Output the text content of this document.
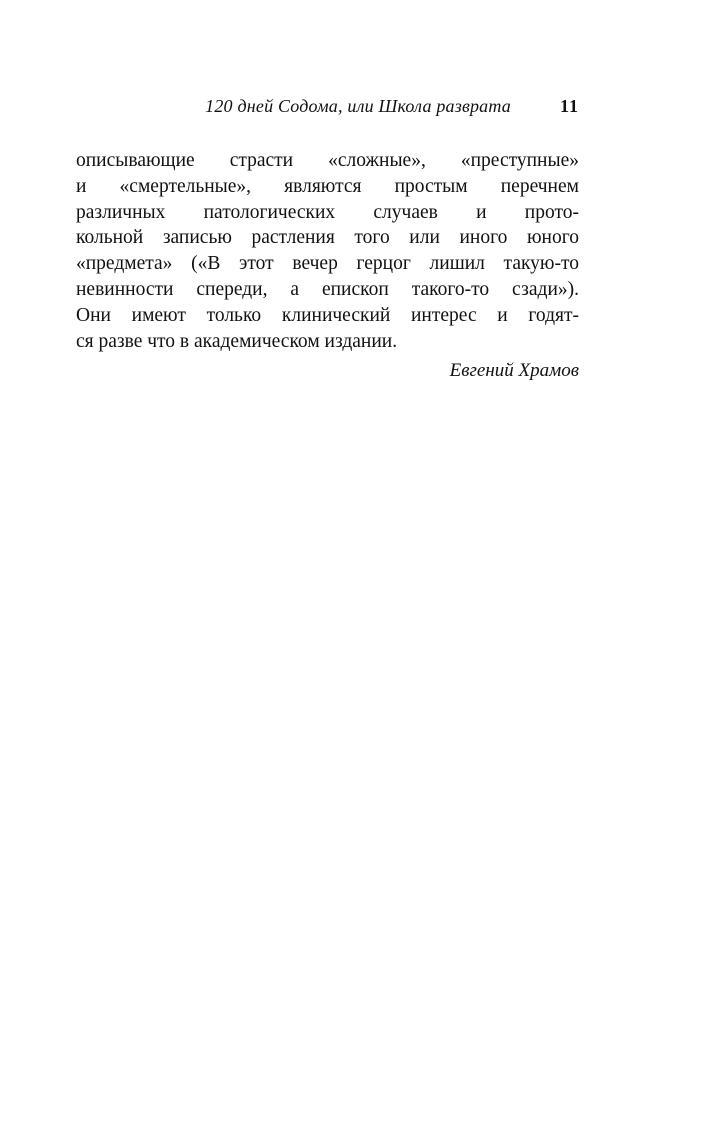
120 дней Содома, или Школа разврата	11
описывающие страсти «сложные», «преступные»
и «смертельные», являются простым перечнем
различных патологических случаев и прото-
кольной записью растления того или иного юного
«предмета» («В этот вечер герцог лишил такую-то
невинности спереди, а епископ такого-то сзади»).
Они имеют только клинический интерес и годят-
ся разве что в академическом издании.
Евгений Храмов
